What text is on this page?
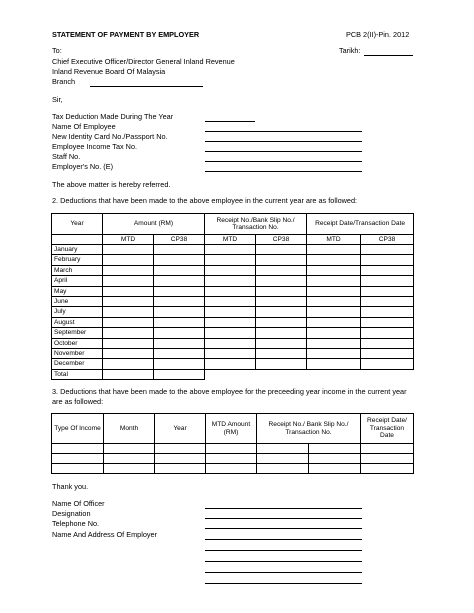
STATEMENT OF PAYMENT BY EMPLOYER	PCB 2(II)-Pin. 2012
To:	Tarikh:
Chief Executive Officer/Director General Inland Revenue
Inland Revenue Board Of Malaysia
Branch
Sir,
Tax Deduction Made During The Year
Name Of Employee
New Identity Card No./Passport No.
Employee Income Tax No.
Staff No.
Employer's No. (E)
The above matter is hereby referred.
2. Deductions that have been made to the above employee in the current year are as followed:
Year	Amount (RM)		Receipt No./Bank Slip No./ Transaction No.		Receipt Date/Transaction Date	
	MTD	CP38	MTD	CP38	MTD	CP38
January						
February						
March						
April						
May						
June						
July						
August						
September						
October						
November						
December						
Total						
3. Deductions that have been made to the above employee for the preceeding year income in the current year
are as followed:
Type Of Income	Month	Year	MTD Amount (RM)	Receipt No./ Bank Slip No./ Transaction No.		Receipt Date/ Transaction Date

Thank you.
Name Of Officer
Designation
Telephone No.
Name And Address Of Employer
